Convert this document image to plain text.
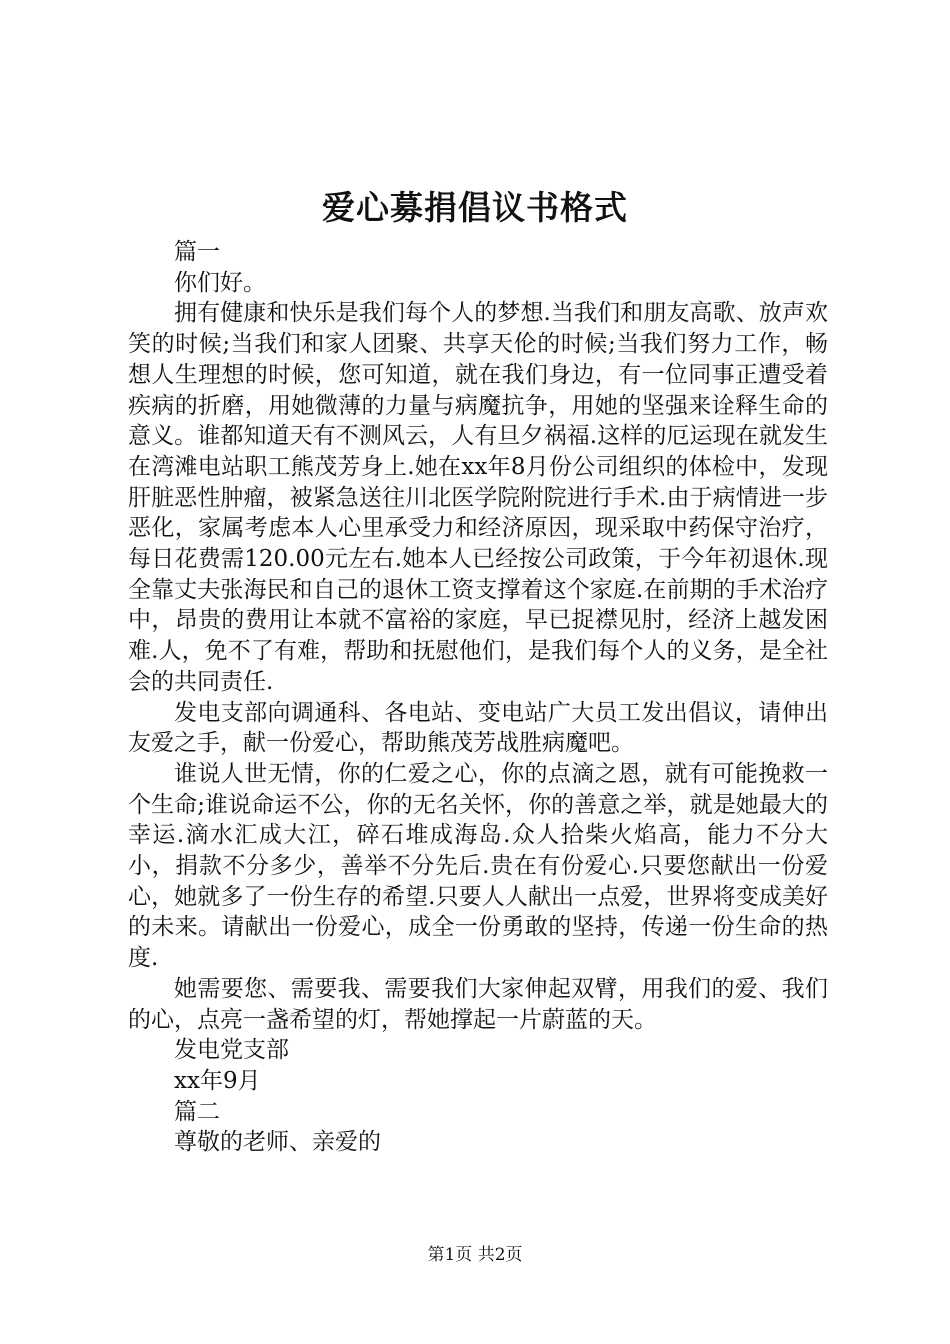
爱心募捐倡议书格式

篇一

你们好。

拥有健康和快乐是我们每个人的梦想.当我们和朋友高歌、放声欢笑的时候;当我们和家人团聚、共享天伦的时候;当我们努力工作，畅想人生理想的时候，您可知道，就在我们身边，有一位同事正遭受着疾病的折磨，用她微薄的力量与病魔抗争，用她的坚强来诠释生命的意义。谁都知道天有不测风云，人有旦夕祸福.这样的厄运现在就发生在湾滩电站职工熊茂芳身上.她在xx年8月份公司组织的体检中，发现肝脏恶性肿瘤，被紧急送往川北医学院附院进行手术.由于病情进一步恶化，家属考虑本人心里承受力和经济原因，现采取中药保守治疗，每日花费需120.00元左右.她本人已经按公司政策，于今年初退休.现全靠丈夫张海民和自己的退休工资支撑着这个家庭.在前期的手术治疗中，昂贵的费用让本就不富裕的家庭，早已捉襟见肘，经济上越发困难.人，免不了有难，帮助和抚慰他们，是我们每个人的义务，是全社会的共同责任.

发电支部向调通科、各电站、变电站广大员工发出倡议，请伸出友爱之手，献一份爱心，帮助熊茂芳战胜病魔吧。

谁说人世无情，你的仁爱之心，你的点滴之恩，就有可能挽救一个生命;谁说命运不公，你的无名关怀，你的善意之举，就是她最大的幸运.滴水汇成大江，碎石堆成海岛.众人拾柴火焰高，能力不分大小，捐款不分多少，善举不分先后.贵在有份爱心.只要您献出一份爱心，她就多了一份生存的希望.只要人人献出一点爱，世界将变成美好的未来。请献出一份爱心，成全一份勇敢的坚持，传递一份生命的热度.

她需要您、需要我、需要我们大家伸起双臂，用我们的爱、我们的心，点亮一盏希望的灯，帮她撑起一片蔚蓝的天。

发电党支部

xx年9月

篇二

尊敬的老师、亲爱的

第1页 共2页
